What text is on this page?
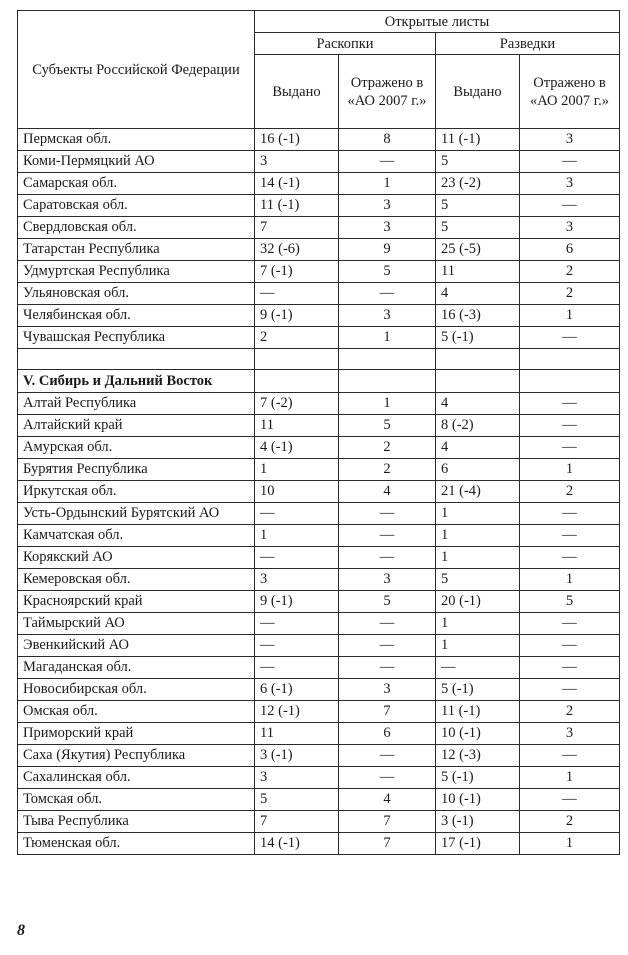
Субъекты Российской Федерации	Открытые листы			
	Раскопки		Разведки	
	Выдано	Отражено в «АО 2007 г.»	Выдано	Отражено в «АО 2007 г.»
Пермская обл.	16 (-1)	8	11 (-1)	3
Коми-Пермяцкий АО	3	—	5	—
Самарская обл.	14 (-1)	1	23 (-2)	3
Саратовская обл.	11 (-1)	3	5	—
Свердловская обл.	7	3	5	3
Татарстан Республика	32 (-6)	9	25 (-5)	6
Удмуртская Республика	7 (-1)	5	11	2
Ульяновская обл.	—	—	4	2
Челябинская обл.	9 (-1)	3	16 (-3)	1
Чувашская Республика	2	1	5 (-1)	—

V. Сибирь и Дальний Восток				
Алтай Республика	7 (-2)	1	4	—
Алтайский край	11	5	8 (-2)	—
Амурская обл.	4 (-1)	2	4	—
Бурятия Республика	1	2	6	1
Иркутская обл.	10	4	21 (-4)	2
Усть-Ордынский Бурятский АО	—	—	1	—
Камчатская обл.	1	—	1	—
Корякский АО	—	—	1	—
Кемеровская обл.	3	3	5	1
Красноярский край	9 (-1)	5	20 (-1)	5
Таймырский АО	—	—	1	—
Эвенкийский АО	—	—	1	—
Магаданская обл.	—	—	—	—
Новосибирская обл.	6 (-1)	3	5 (-1)	—
Омская обл.	12 (-1)	7	11 (-1)	2
Приморский край	11	6	10 (-1)	3
Саха (Якутия) Республика	3 (-1)	—	12 (-3)	—
Сахалинская обл.	3	—	5 (-1)	1
Томская обл.	5	4	10 (-1)	—
Тыва Республика	7	7	3 (-1)	2
Тюменская обл.	14 (-1)	7	17 (-1)	1
8
